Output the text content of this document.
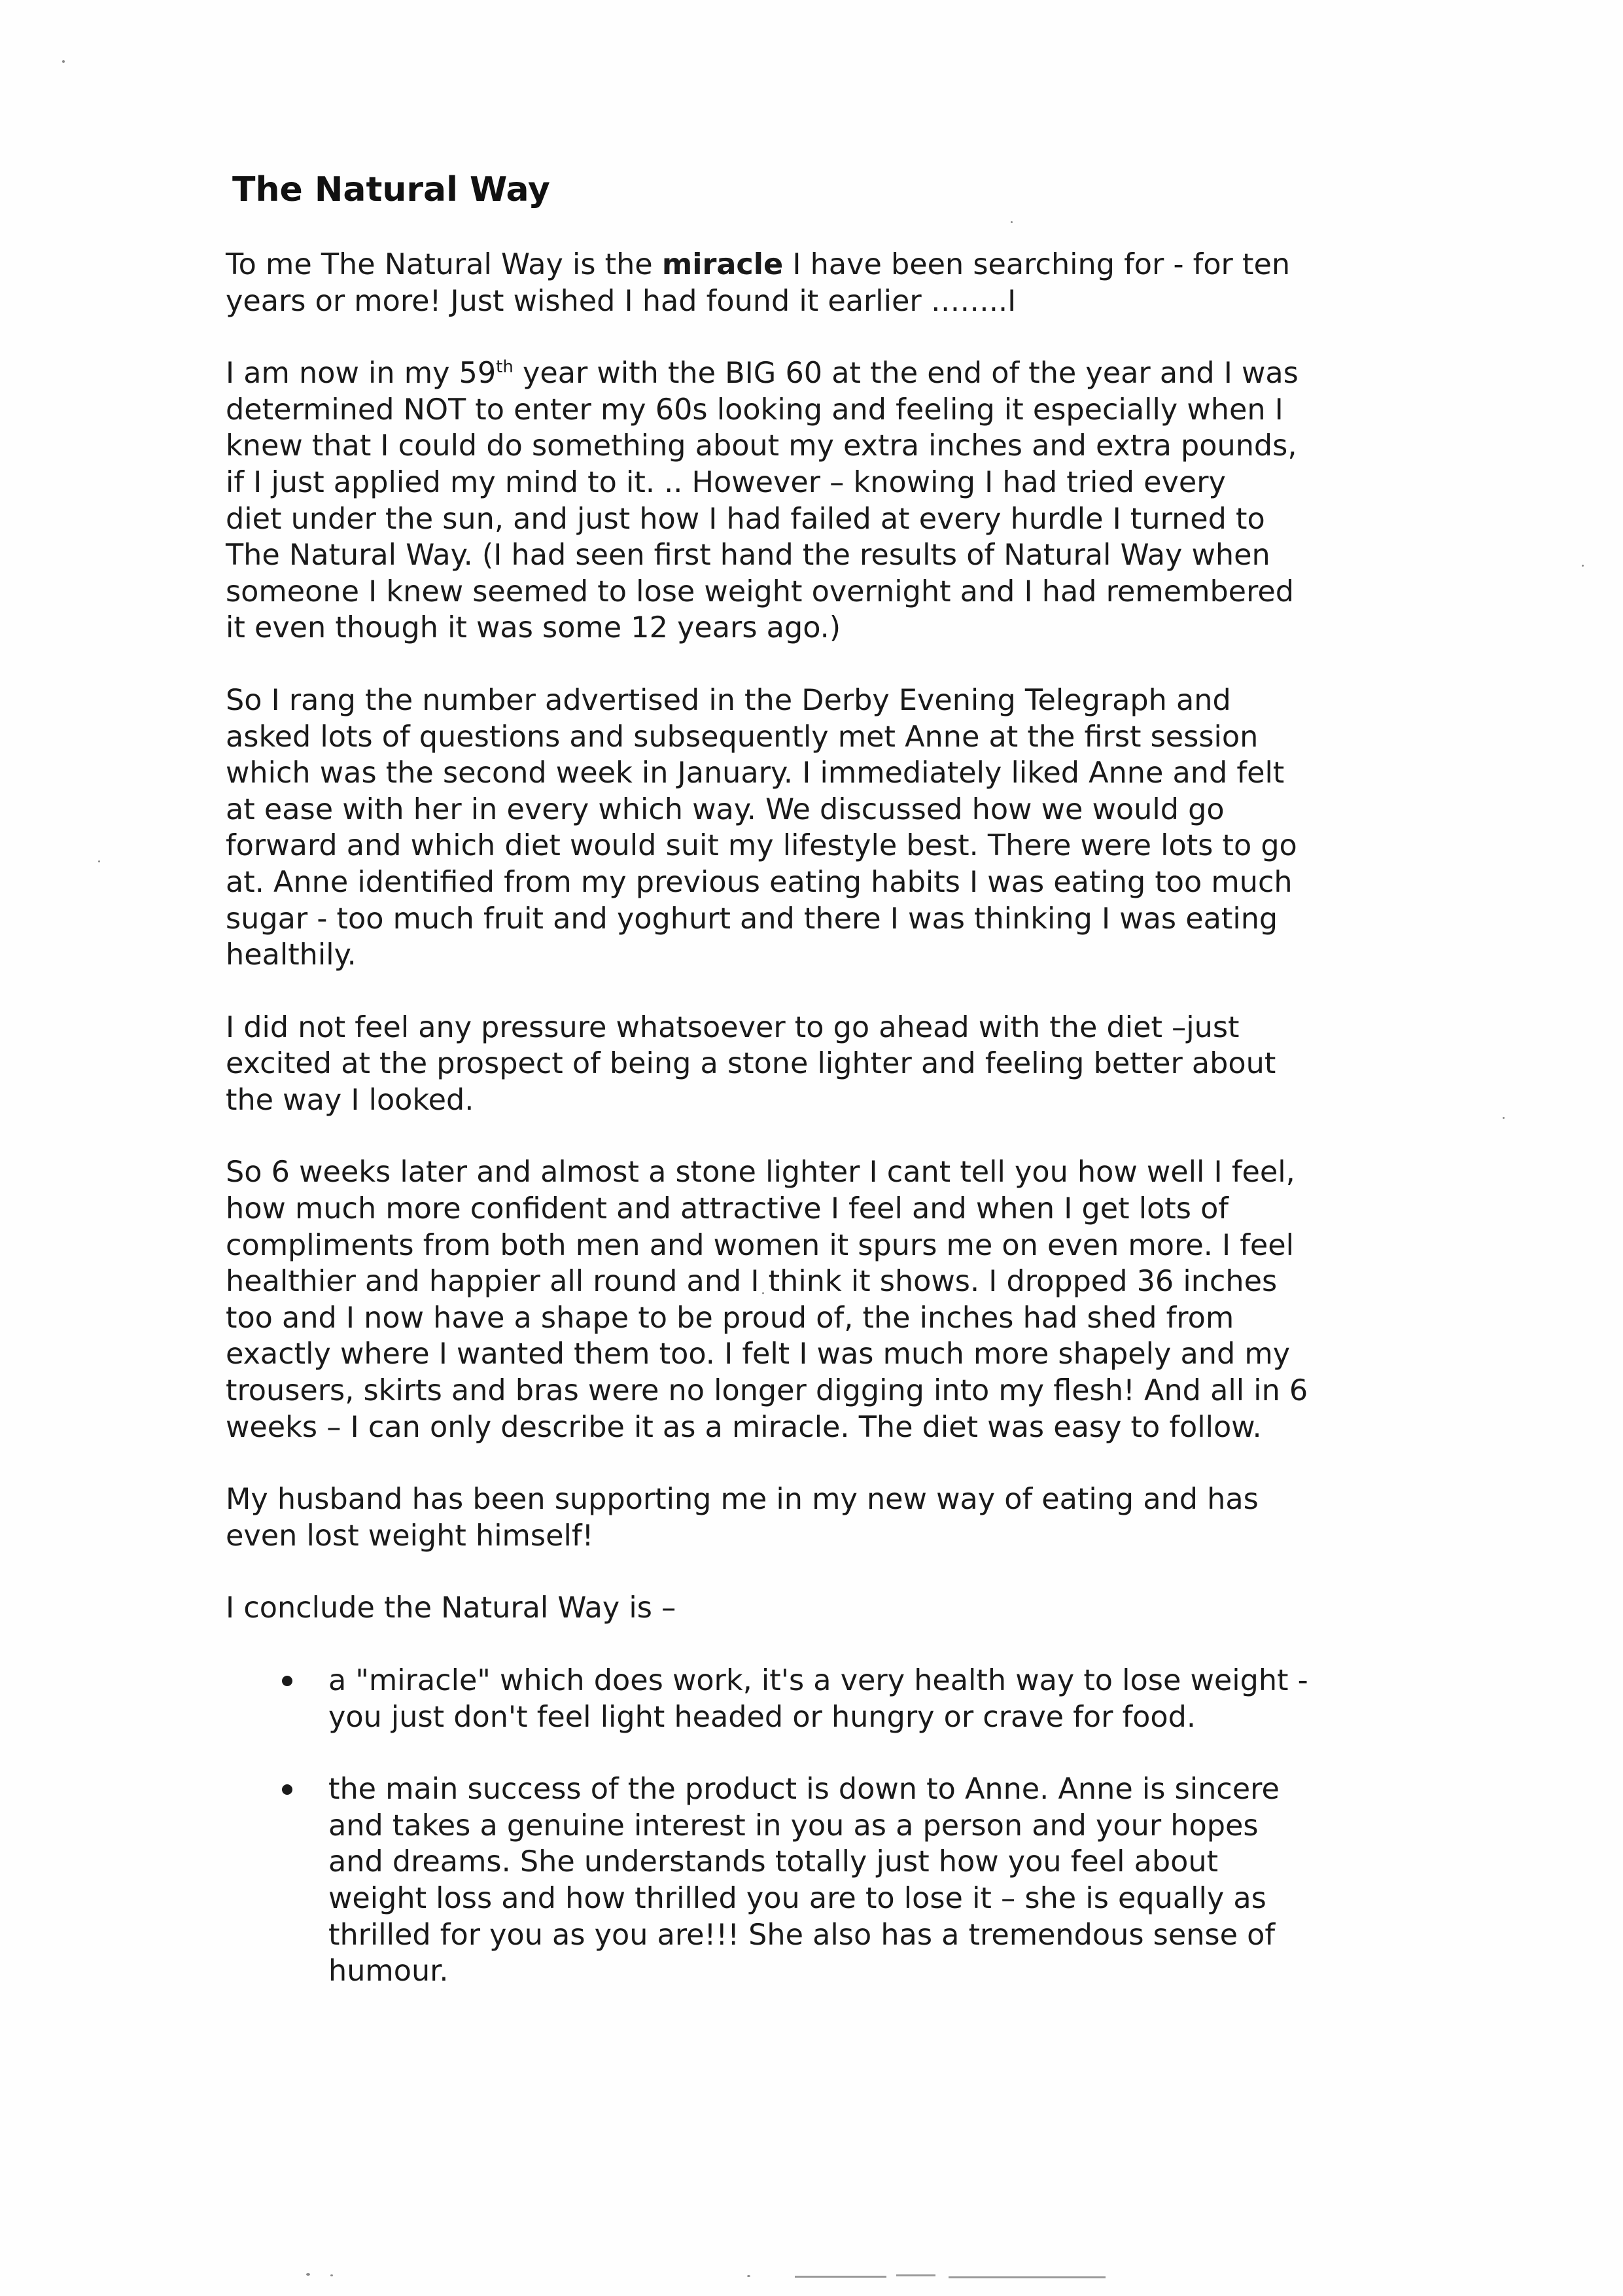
The Natural Way

To me The Natural Way is the miracle I have been searching for - for ten
years or more! Just wished I had found it earlier ……..I

I am now in my 59th year with the BIG 60 at the end of the year and I was
determined NOT to enter my 60s looking and feeling it especially when I
knew that I could do something about my extra inches and extra pounds,
if I just applied my mind to it. .. However – knowing I had tried every
diet under the sun, and just how I had failed at every hurdle I turned to
The Natural Way. (I had seen first hand the results of Natural Way when
someone I knew seemed to lose weight overnight and I had remembered
it even though it was some 12 years ago.)

So I rang the number advertised in the Derby Evening Telegraph and
asked lots of questions and subsequently met Anne at the first session
which was the second week in January. I immediately liked Anne and felt
at ease with her in every which way. We discussed how we would go
forward and which diet would suit my lifestyle best. There were lots to go
at. Anne identified from my previous eating habits I was eating too much
sugar - too much fruit and yoghurt and there I was thinking I was eating
healthily.

I did not feel any pressure whatsoever to go ahead with the diet –just
excited at the prospect of being a stone lighter and feeling better about
the way I looked.

So 6 weeks later and almost a stone lighter I cant tell you how well I feel,
how much more confident and attractive I feel and when I get lots of
compliments from both men and women it spurs me on even more. I feel
healthier and happier all round and I think it shows. I dropped 36 inches
too and I now have a shape to be proud of, the inches had shed from
exactly where I wanted them too. I felt I was much more shapely and my
trousers, skirts and bras were no longer digging into my flesh! And all in 6
weeks – I can only describe it as a miracle. The diet was easy to follow.

My husband has been supporting me in my new way of eating and has
even lost weight himself!

I conclude the Natural Way is –

a "miracle" which does work, it's a very health way to lose weight -
you just don't feel light headed or hungry or crave for food.
the main success of the product is down to Anne. Anne is sincere
and takes a genuine interest in you as a person and your hopes
and dreams. She understands totally just how you feel about
weight loss and how thrilled you are to lose it – she is equally as
thrilled for you as you are!!! She also has a tremendous sense of
humour.
